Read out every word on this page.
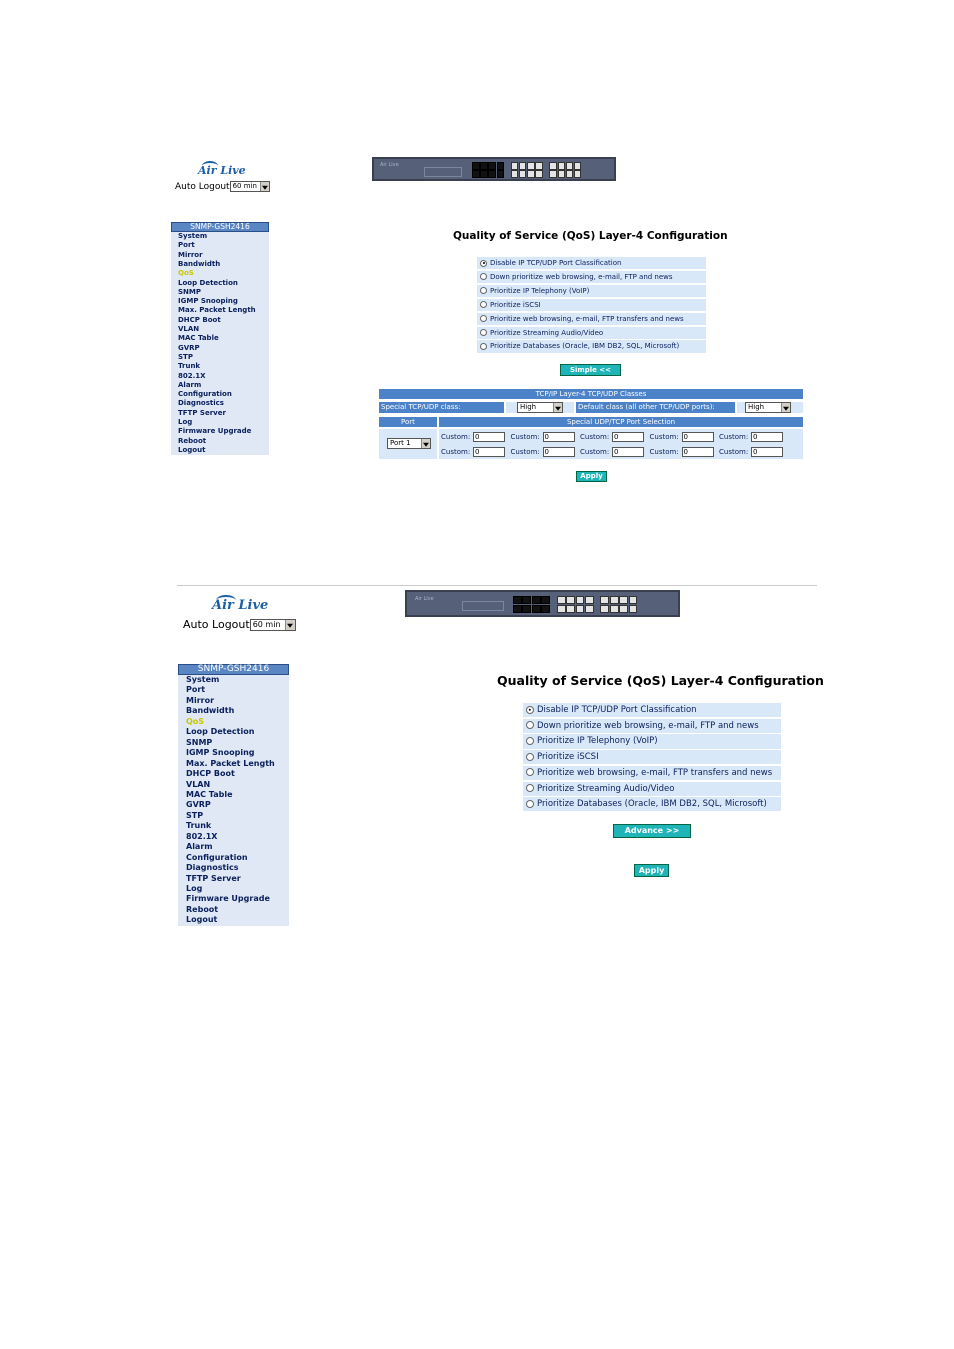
Air Live
Auto Logout 60 min
Air Live
SNMP-GSH2416
System
Port
Mirror
Bandwidth
QoS
Loop Detection
SNMP
IGMP Snooping
Max. Packet Length
DHCP Boot
VLAN
MAC Table
GVRP
STP
Trunk
802.1X
Alarm
Configuration
Diagnostics
TFTP Server
Log
Firmware Upgrade
Reboot
Logout
Quality of Service (QoS) Layer-4 Configuration
Disable IP TCP/UDP Port Classification
Down prioritize web browsing, e-mail, FTP and news
Prioritize IP Telephony (VoIP)
Prioritize iSCSI
Prioritize web browsing, e-mail, FTP transfers and news
Prioritize Streaming Audio/Video
Prioritize Databases (Oracle, IBM DB2, SQL, Microsoft)
Simple <<
TCP/IP Layer-4 TCP/UDP Classes
Special TCP/UDP class:	High	Default class (all other TCP/UDP ports):	High
Port	Special UDP/TCP Port Selection
Port 1
Custom: 0	Custom: 0	Custom: 0	Custom: 0	Custom: 0
Custom: 0	Custom: 0	Custom: 0	Custom: 0	Custom: 0
Apply
Air Live
Auto Logout 60 min
Air Live
SNMP-GSH2416
System
Port
Mirror
Bandwidth
QoS
Loop Detection
SNMP
IGMP Snooping
Max. Packet Length
DHCP Boot
VLAN
MAC Table
GVRP
STP
Trunk
802.1X
Alarm
Configuration
Diagnostics
TFTP Server
Log
Firmware Upgrade
Reboot
Logout
Quality of Service (QoS) Layer-4 Configuration
Disable IP TCP/UDP Port Classification
Down prioritize web browsing, e-mail, FTP and news
Prioritize IP Telephony (VoIP)
Prioritize iSCSI
Prioritize web browsing, e-mail, FTP transfers and news
Prioritize Streaming Audio/Video
Prioritize Databases (Oracle, IBM DB2, SQL, Microsoft)
Advance >>
Apply
